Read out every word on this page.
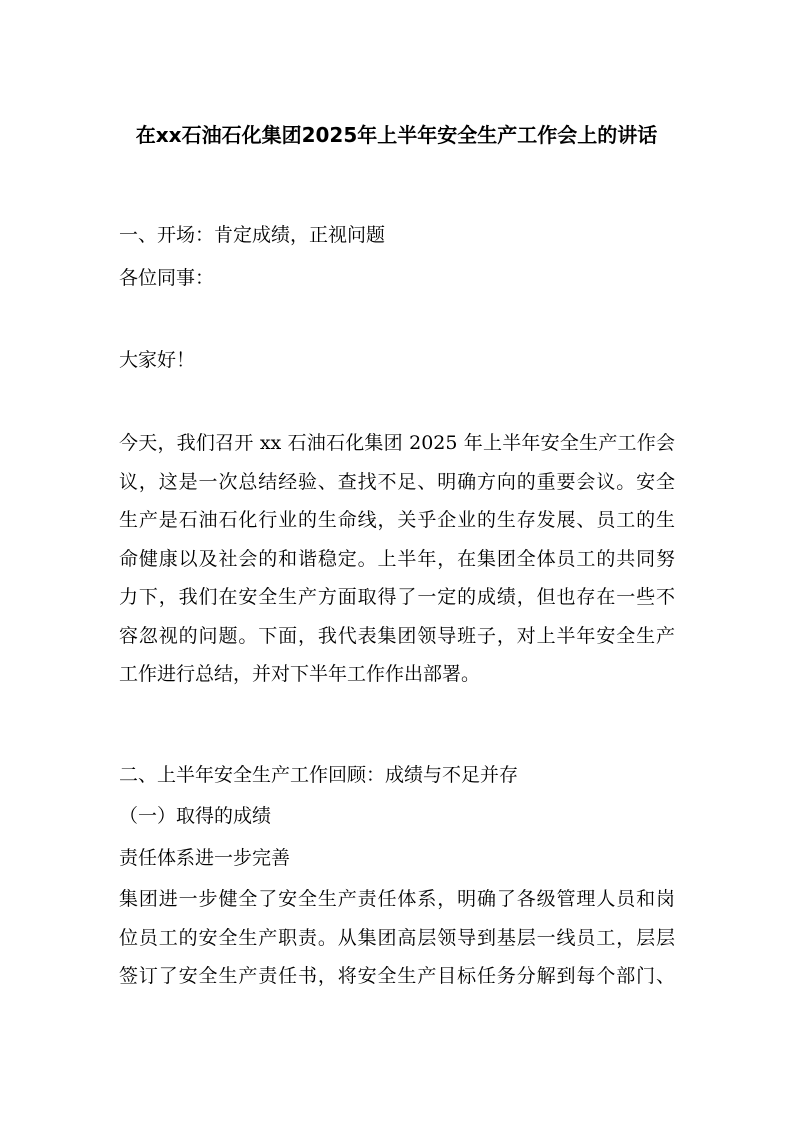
在xx石油石化集团2025年上半年安全生产工作会上的讲话
一、开场：肯定成绩，正视问题
各位同事：
大家好！
今天，我们召开 xx 石油石化集团 2025 年上半年安全生产工作会
议，这是一次总结经验、查找不足、明确方向的重要会议。安全
生产是石油石化行业的生命线，关乎企业的生存发展、员工的生
命健康以及社会的和谐稳定。上半年，在集团全体员工的共同努
力下，我们在安全生产方面取得了一定的成绩，但也存在一些不
容忽视的问题。下面，我代表集团领导班子，对上半年安全生产
工作进行总结，并对下半年工作作出部署。
二、上半年安全生产工作回顾：成绩与不足并存
（一）取得的成绩
责任体系进一步完善
集团进一步健全了安全生产责任体系，明确了各级管理人员和岗
位员工的安全生产职责。从集团高层领导到基层一线员工，层层
签订了安全生产责任书，将安全生产目标任务分解到每个部门、
